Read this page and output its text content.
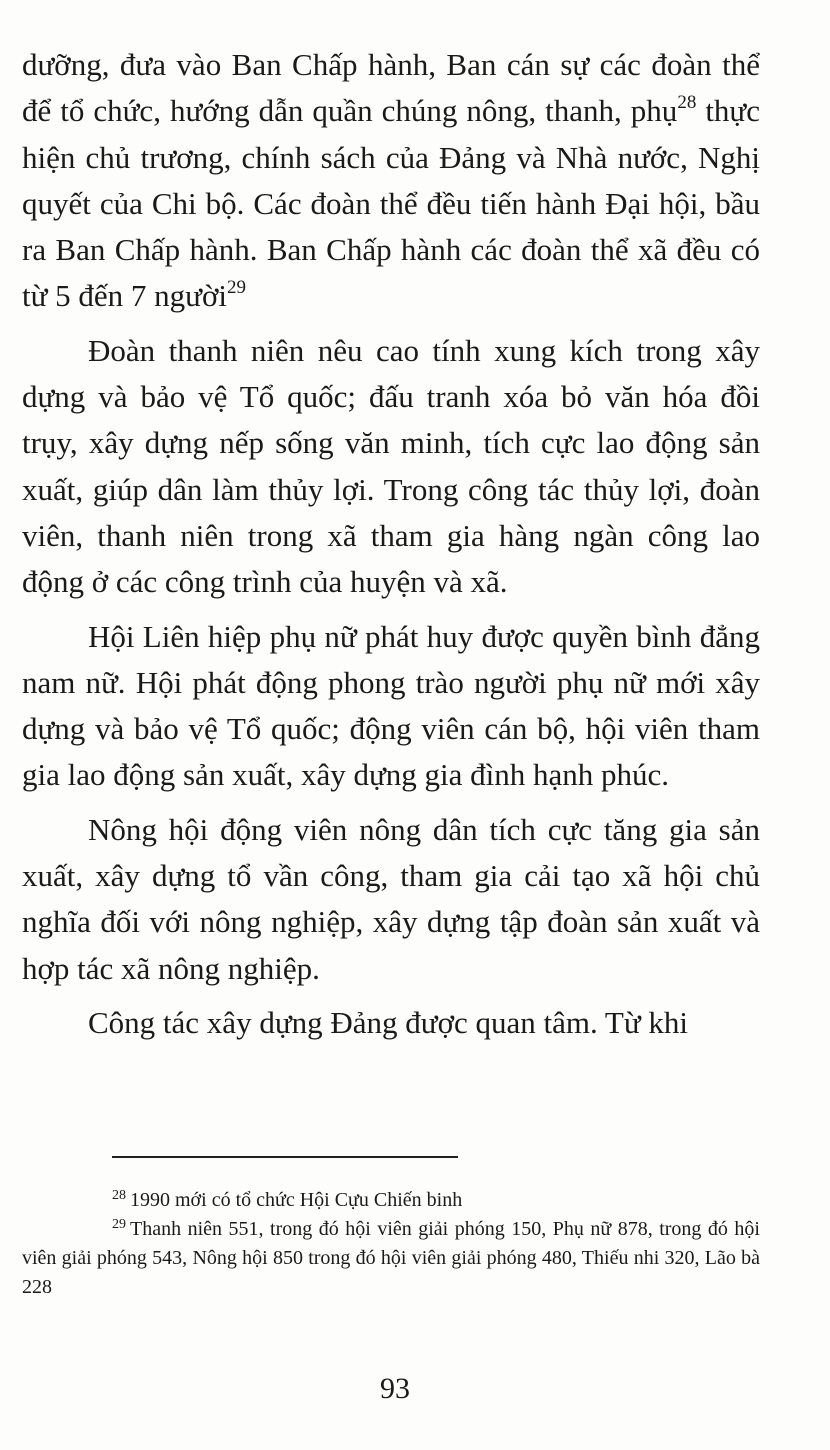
dưỡng, đưa vào Ban Chấp hành, Ban cán sự các đoàn thể để tổ chức, hướng dẫn quần chúng nông, thanh, phụ$^{28}$ thực hiện chủ trương, chính sách của Đảng và Nhà nước, Nghị quyết của Chi bộ. Các đoàn thể đều tiến hành Đại hội, bầu ra Ban Chấp hành. Ban Chấp hành các đoàn thể xã đều có từ 5 đến 7 người$^{29}$

Đoàn thanh niên nêu cao tính xung kích trong xây dựng và bảo vệ Tổ quốc; đấu tranh xóa bỏ văn hóa đồi trụy, xây dựng nếp sống văn minh, tích cực lao động sản xuất, giúp dân làm thủy lợi. Trong công tác thủy lợi, đoàn viên, thanh niên trong xã tham gia hàng ngàn công lao động ở các công trình của huyện và xã.

Hội Liên hiệp phụ nữ phát huy được quyền bình đẳng nam nữ. Hội phát động phong trào người phụ nữ mới xây dựng và bảo vệ Tổ quốc; động viên cán bộ, hội viên tham gia lao động sản xuất, xây dựng gia đình hạnh phúc.

Nông hội động viên nông dân tích cực tăng gia sản xuất, xây dựng tổ vần công, tham gia cải tạo xã hội chủ nghĩa đối với nông nghiệp, xây dựng tập đoàn sản xuất và hợp tác xã nông nghiệp.

Công tác xây dựng Đảng được quan tâm. Từ khi

$^{28}$ 1990 mới có tổ chức Hội Cựu Chiến binh

$^{29}$ Thanh niên 551, trong đó hội viên giải phóng 150, Phụ nữ 878, trong đó hội viên giải phóng 543, Nông hội 850 trong đó hội viên giải phóng 480, Thiếu nhi 320, Lão bà 228

93
